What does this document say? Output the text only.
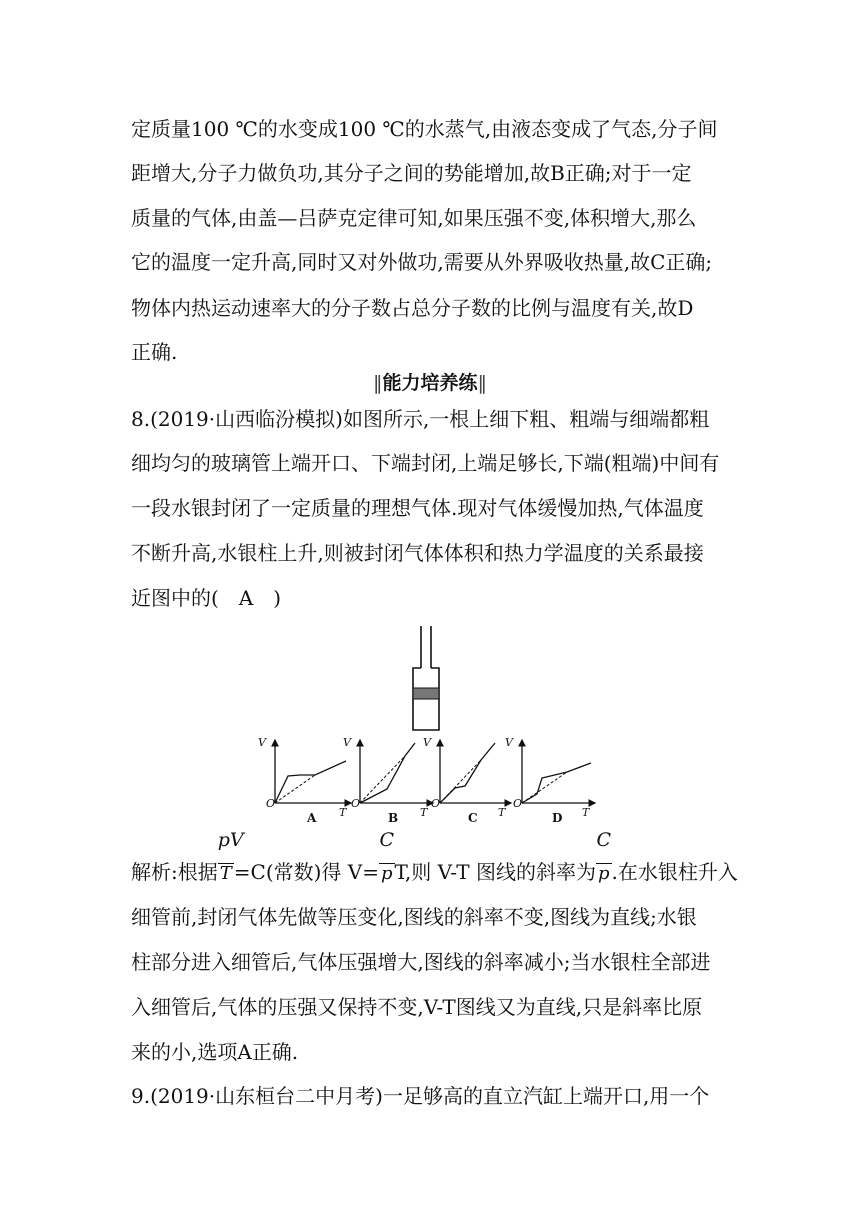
定质量100 ℃的水变成100 ℃的水蒸气,由液态变成了气态,分子间
距增大,分子力做负功,其分子之间的势能增加,故B正确;对于一定
质量的气体,由盖—吕萨克定律可知,如果压强不变,体积增大,那么
它的温度一定升高,同时又对外做功,需要从外界吸收热量,故C正确;
物体内热运动速率大的分子数占总分子数的比例与温度有关,故D
正确.
‖能力培养练‖
8.(2019·山西临汾模拟)如图所示,一根上细下粗、粗端与细端都粗
细均匀的玻璃管上端开口、下端封闭,上端足够长,下端(粗端)中间有
一段水银封闭了一定质量的理想气体.现对气体缓慢加热,气体温度
不断升高,水银柱上升,则被封闭气体体积和热力学温度的关系最接
近图中的(　A　)
V
T
O
A
V
T
O
B
V
T
O
C
V
T
O
D
解析:根据 $\frac{pV}{T}=C$(常数)得 $V= \frac{C}{p}T$,则 V-T 图线的斜率为 $\frac{C}{p}$.在水银柱升入
细管前,封闭气体先做等压变化,图线的斜率不变,图线为直线;水银
柱部分进入细管后,气体压强增大,图线的斜率减小;当水银柱全部进
入细管后,气体的压强又保持不变,V-T图线又为直线,只是斜率比原
来的小,选项A正确.
9.(2019·山东桓台二中月考)一足够高的直立汽缸上端开口,用一个
